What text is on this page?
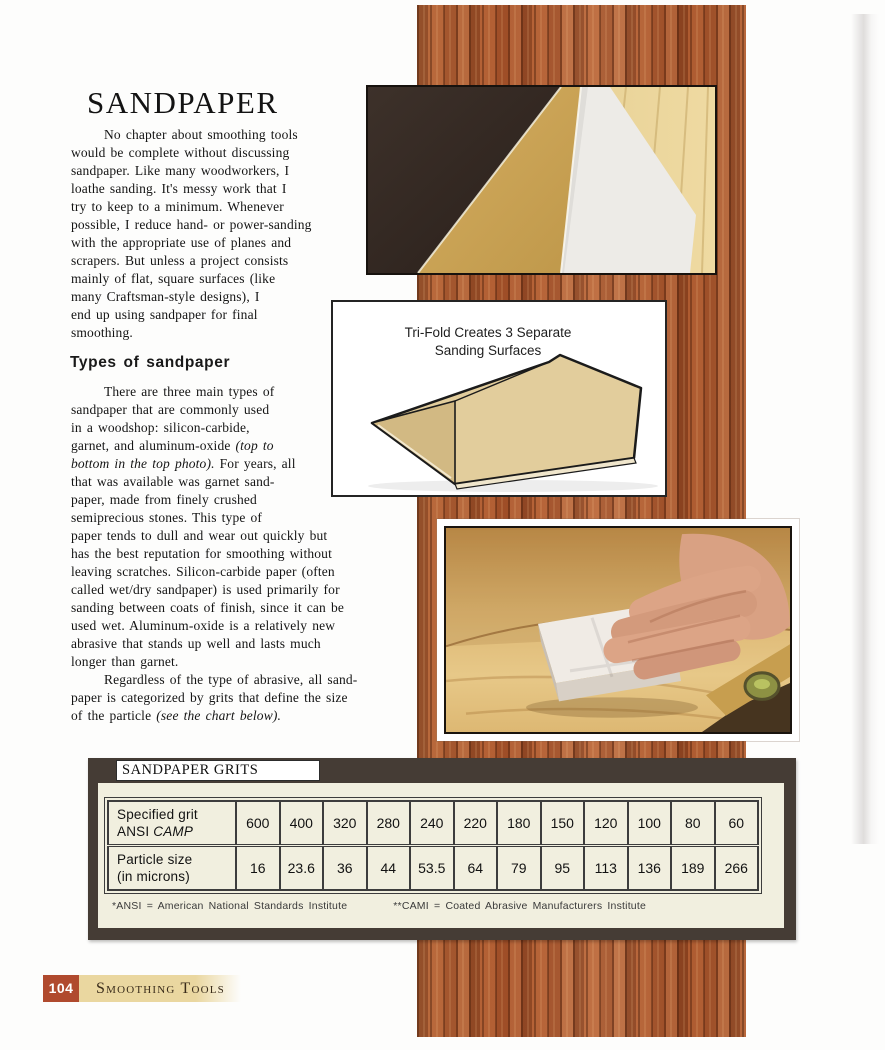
SANDPAPER
No chapter about smoothing tools
would be complete without discussing
sandpaper. Like many woodworkers, I
loathe sanding. It's messy work that I
try to keep to a minimum. Whenever
possible, I reduce hand- or power-sanding
with the appropriate use of planes and
scrapers. But unless a project consists
mainly of flat, square surfaces (like
many Craftsman-style designs), I
end up using sandpaper for final
smoothing.
Types of sandpaper
There are three main types of
sandpaper that are commonly used
in a woodshop: silicon-carbide,
garnet, and aluminum-oxide (top to
bottom in the top photo). For years, all
that was available was garnet sand-
paper, made from finely crushed
semiprecious stones. This type of
paper tends to dull and wear out quickly but
has the best reputation for smoothing without
leaving scratches. Silicon-carbide paper (often
called wet/dry sandpaper) is used primarily for
sanding between coats of finish, since it can be
used wet. Aluminum-oxide is a relatively new
abrasive that stands up well and lasts much
longer than garnet.
Regardless of the type of abrasive, all sand-
paper is categorized by grits that define the size
of the particle (see the chart below).
Tri-Fold Creates 3 Separate
Sanding Surfaces
SANDPAPER GRITS
Specified grit
ANSI CAMP	600	400	320	280	240	220	180	150	120	100	80	60
Particle size
(in microns)	16	23.6	36	44	53.5	64	79	95	113	136	189	266
*ANSI = American National Standards Institute	**CAMI = Coated Abrasive Manufacturers Institute
104	Smoothing Tools
